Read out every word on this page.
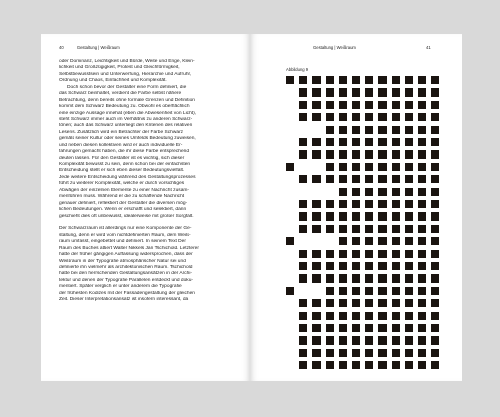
40	Gestaltung | Weißraum
oder Dominanz, Leichtigkeit und Bürde, Weite und Enge, Klein-
lichkeit und Großzügigkeit, Protest und Gleichförmigkeit,
Selbstbewusstsein und Unterwerfung, Hierarchie und Aufruhr,
Ordnung und Chaos, Einfachheit und Komplexität.
Doch schon bevor der Gestalter eine Form definiert, die
das Schwarz beinhaltet, verdient die Farbe selbst nähere
Betrachtung, denn bereits ohne formale Grenzen und Definition
kommt dem Schwarz Bedeutung zu. Obwohl es oberflächlich
eine einzige Aussage innehat (eben die Abwesenheit von Licht),
steht Schwarz immer auch im Verhältnis zu anderen Schwarz-
tönen; auch das Schwarz unterliegt den Kriterien des relativen
Lesens. Zusätzlich wird ein Betrachter der Farbe Schwarz
gemäß seiner Kultur oder seines Umfelds Bedeutung zuweisen,
und neben diesen kollektiven wird er auch individuelle Er-
fahrungen gemacht haben, die ihr diese Farbe entsprechend
deuten lassen. Für den Gestalter ist es wichtig, sich dieser
Komplexität bewusst zu sein, denn schon bei der einfachsten
Entscheidung stellt er sich eben dieser Bedeutungsvielfalt.
Jede weitere Entscheidung während des Gestaltungsprozesses
führt zu weiterer Komplexität, welche er durch vorsichtiges
Abwägen der einzelnen Elemente zu einer Nachricht zusam-
menführen muss. Während er die zu schaffende Nachricht
genauer definiert, reflektiert der Gestalter die diversen mög-
lichen Bedeutungen. Wenn er erschafft und selektiert, dann
geschieht dies oft unbewusst, idealerweise mit großer Sorgfalt.
Der Schwarzraum ist allerdings nur eine Komponente der Ge-
staltung, denn er wird vom nichtdefinierten Raum, dem Weiß-
raum umfasst, eingebettet und definiert. In seinem Text Der
Raum des Buches attiert Walter Nikkels Jan Tschichold. Letzterer
hatte der früher gängigen Auffassung widersprochen, dass der
Weißraum in der Typografie atmosphärischer Natur sei und
definierte ihn vielmehr als architektonischen Raum. Tschichold
hatte bei den herrschenden Gestaltungsansätzen in der Archi-
tektur und denen der Typografie Parallelen entdeckt und doku-
mentiert. Später verglich er unter anderem die Typografie
der frühesten Kodizes mit der Fassadengestaltung der gleichen
Zeit. Dieser Interpretationsansatz ist insofern interessant, da
Gestaltung | Weißraum	41
Abbildung 9
